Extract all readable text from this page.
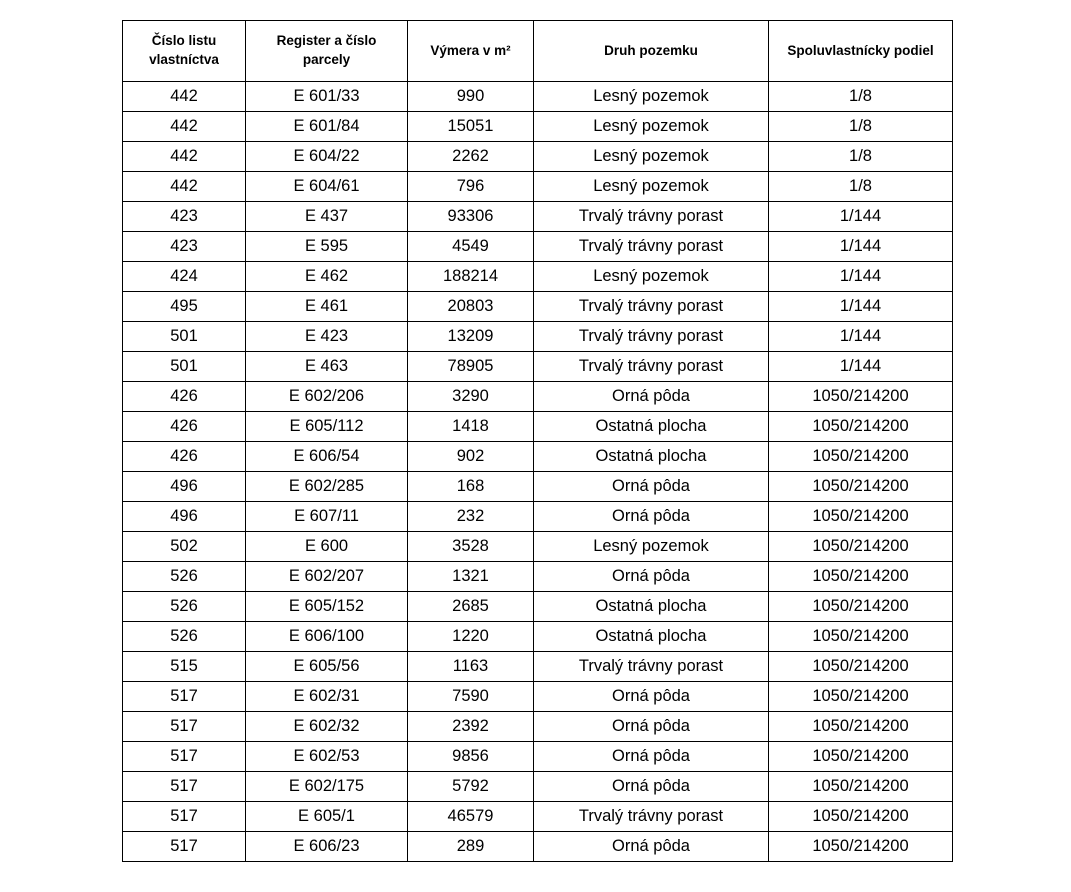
Číslo listu vlastníctva	Register a číslo parcely	Výmera v m²	Druh pozemku	Spoluvlastnícky podiel
442	E 601/33	990	Lesný pozemok	1/8
442	E 601/84	15051	Lesný pozemok	1/8
442	E 604/22	2262	Lesný pozemok	1/8
442	E 604/61	796	Lesný pozemok	1/8
423	E 437	93306	Trvalý trávny porast	1/144
423	E 595	4549	Trvalý trávny porast	1/144
424	E 462	188214	Lesný pozemok	1/144
495	E 461	20803	Trvalý trávny porast	1/144
501	E 423	13209	Trvalý trávny porast	1/144
501	E 463	78905	Trvalý trávny porast	1/144
426	E 602/206	3290	Orná pôda	1050/214200
426	E 605/112	1418	Ostatná plocha	1050/214200
426	E 606/54	902	Ostatná plocha	1050/214200
496	E 602/285	168	Orná pôda	1050/214200
496	E 607/11	232	Orná pôda	1050/214200
502	E 600	3528	Lesný pozemok	1050/214200
526	E 602/207	1321	Orná pôda	1050/214200
526	E 605/152	2685	Ostatná plocha	1050/214200
526	E 606/100	1220	Ostatná plocha	1050/214200
515	E 605/56	1163	Trvalý trávny porast	1050/214200
517	E 602/31	7590	Orná pôda	1050/214200
517	E 602/32	2392	Orná pôda	1050/214200
517	E 602/53	9856	Orná pôda	1050/214200
517	E 602/175	5792	Orná pôda	1050/214200
517	E 605/1	46579	Trvalý trávny porast	1050/214200
517	E 606/23	289	Orná pôda	1050/214200
